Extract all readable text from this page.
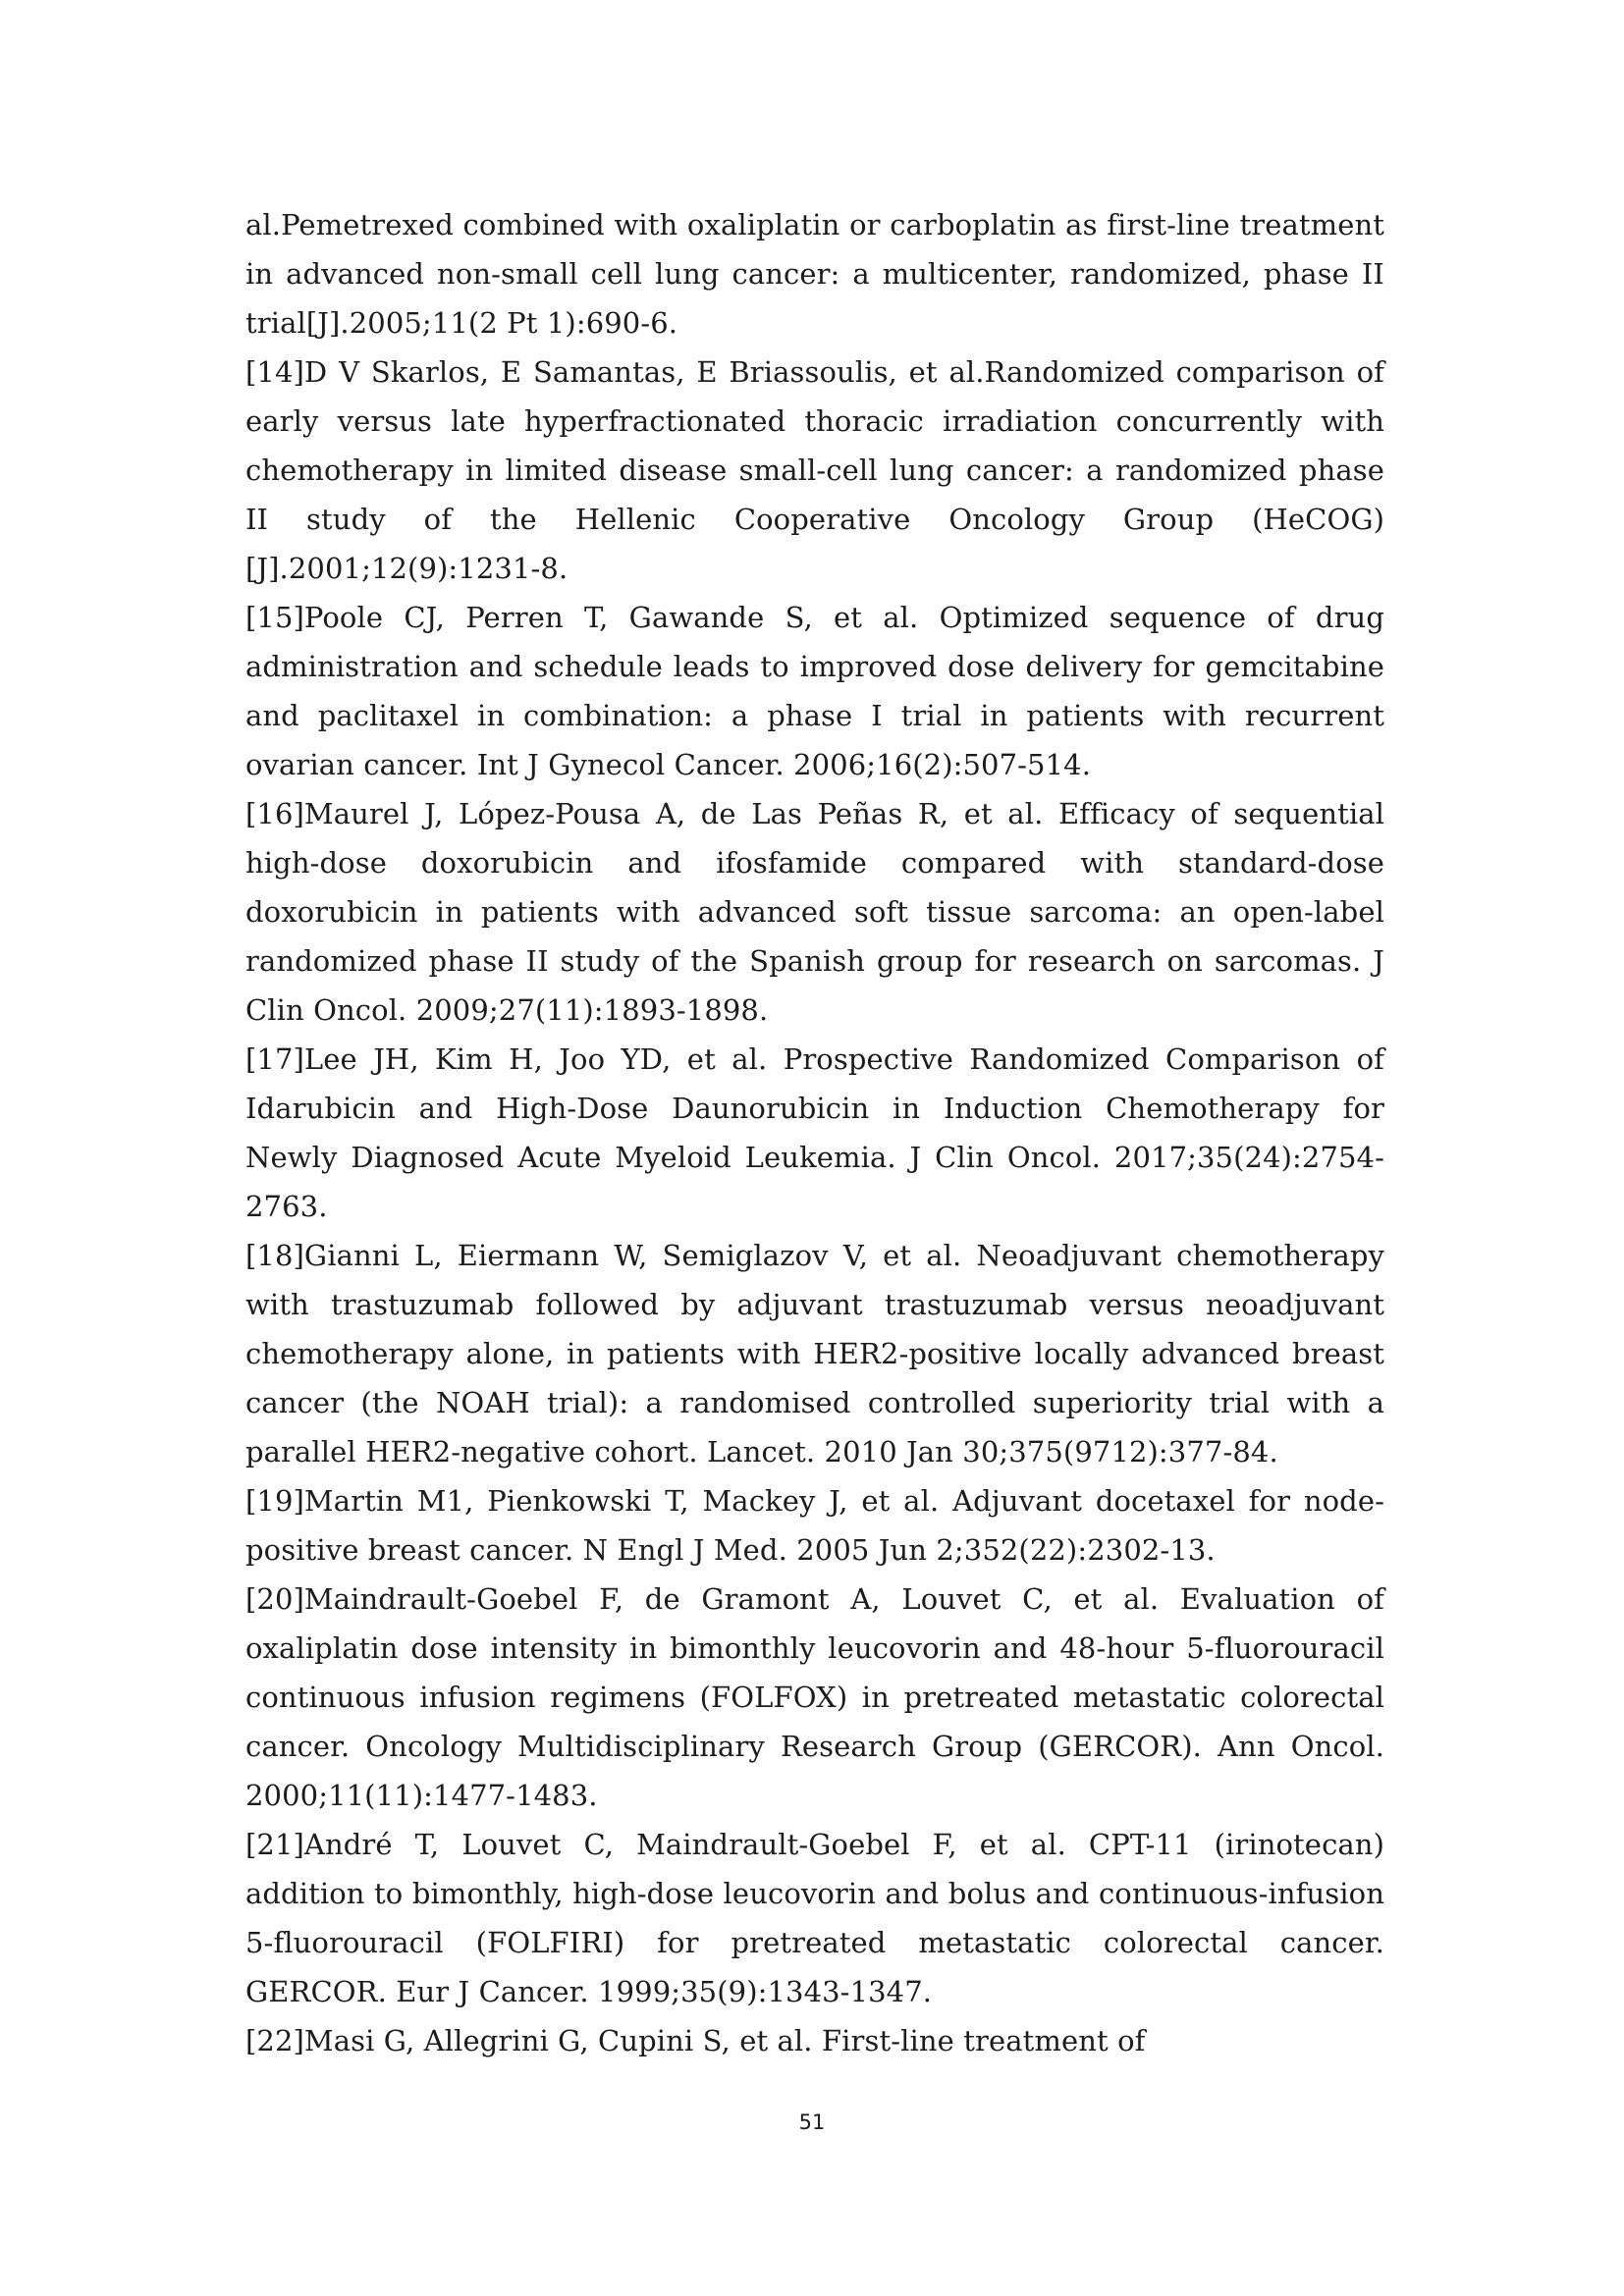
al.Pemetrexed combined with oxaliplatin or carboplatin as first-line treatment in advanced non-small cell lung cancer: a multicenter, randomized, phase II trial[J].2005;11(2 Pt 1):690-6.

[14]D V Skarlos, E Samantas, E Briassoulis, et al.Randomized comparison of early versus late hyperfractionated thoracic irradiation concurrently with chemotherapy in limited disease small-cell lung cancer: a randomized phase II study of the Hellenic Cooperative Oncology Group (HeCOG)[J].2001;12(9):1231-8.

[15]Poole CJ, Perren T, Gawande S, et al. Optimized sequence of drug administration and schedule leads to improved dose delivery for gemcitabine and paclitaxel in combination: a phase I trial in patients with recurrent ovarian cancer. Int J Gynecol Cancer. 2006;16(2):507-514.

[16]Maurel J, López-Pousa A, de Las Peñas R, et al. Efficacy of sequential high-dose doxorubicin and ifosfamide compared with standard-dose doxorubicin in patients with advanced soft tissue sarcoma: an open-label randomized phase II study of the Spanish group for research on sarcomas. J Clin Oncol. 2009;27(11):1893-1898.

[17]Lee JH, Kim H, Joo YD, et al. Prospective Randomized Comparison of Idarubicin and High-Dose Daunorubicin in Induction Chemotherapy for Newly Diagnosed Acute Myeloid Leukemia. J Clin Oncol. 2017;35(24):2754-2763.

[18]Gianni L, Eiermann W, Semiglazov V, et al. Neoadjuvant chemotherapy with trastuzumab followed by adjuvant trastuzumab versus neoadjuvant chemotherapy alone, in patients with HER2-positive locally advanced breast cancer (the NOAH trial): a randomised controlled superiority trial with a parallel HER2-negative cohort. Lancet. 2010 Jan 30;375(9712):377-84.

[19]Martin M1, Pienkowski T, Mackey J, et al. Adjuvant docetaxel for node-positive breast cancer. N Engl J Med. 2005 Jun 2;352(22):2302-13.

[20]Maindrault-Goebel F, de Gramont A, Louvet C, et al. Evaluation of oxaliplatin dose intensity in bimonthly leucovorin and 48-hour 5-fluorouracil continuous infusion regimens (FOLFOX) in pretreated metastatic colorectal cancer. Oncology Multidisciplinary Research Group (GERCOR). Ann Oncol. 2000;11(11):1477-1483.

[21]André T, Louvet C, Maindrault-Goebel F, et al. CPT-11 (irinotecan) addition to bimonthly, high-dose leucovorin and bolus and continuous-infusion 5-fluorouracil (FOLFIRI) for pretreated metastatic colorectal cancer. GERCOR. Eur J Cancer. 1999;35(9):1343-1347.

[22]Masi G, Allegrini G, Cupini S, et al. First-line treatment of

51
